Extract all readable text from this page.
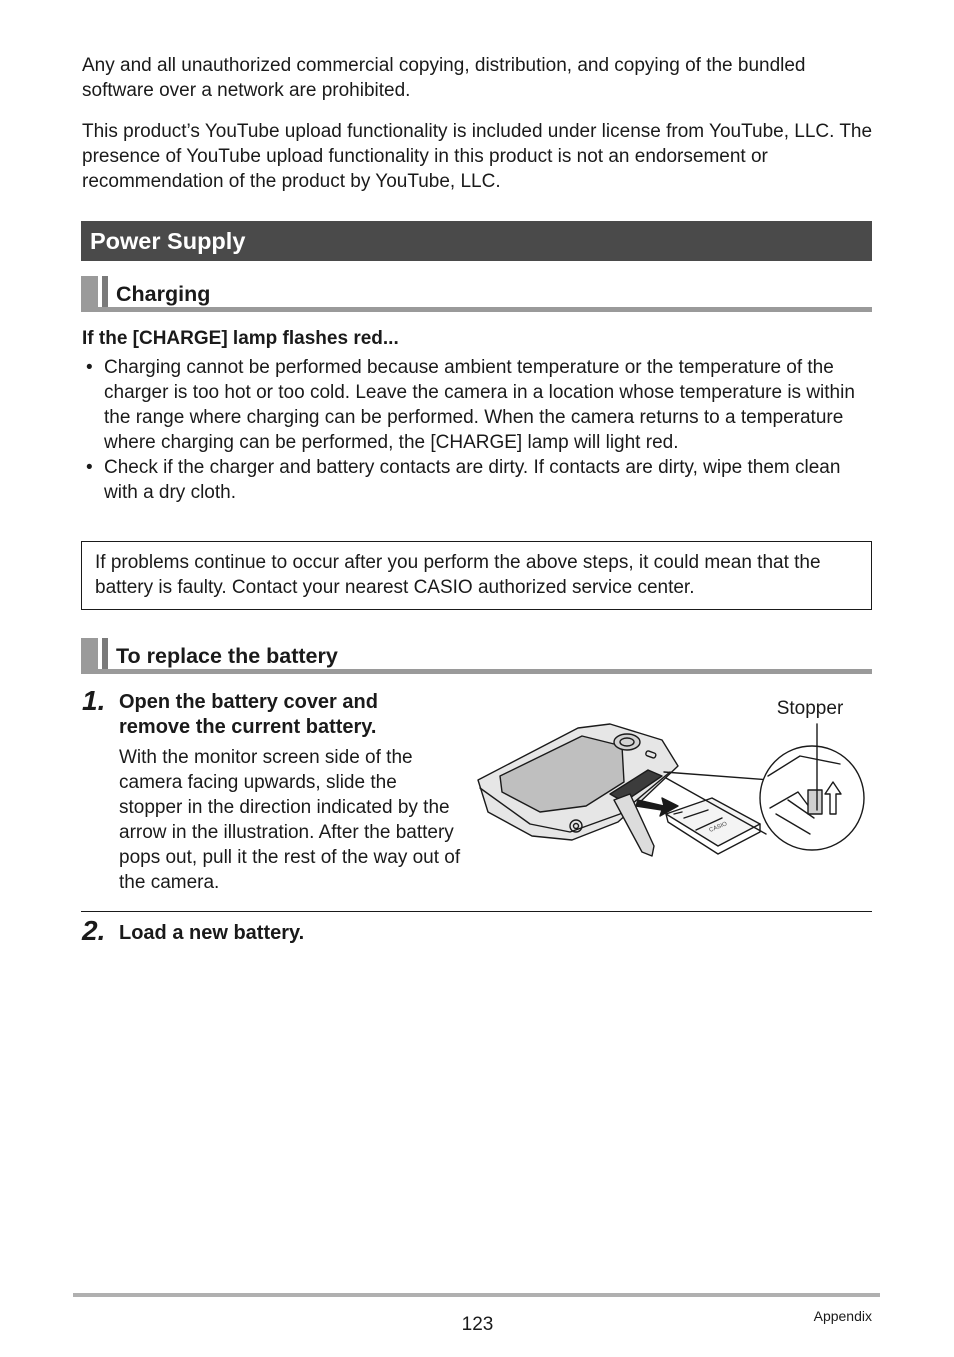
Any and all unauthorized commercial copying, distribution, and copying of the bundled software over a network are prohibited.

This product’s YouTube upload functionality is included under license from YouTube, LLC. The presence of YouTube upload functionality in this product is not an endorsement or recommendation of the product by YouTube, LLC.

Power Supply
Charging
If the [CHARGE] lamp flashes red...
• Charging cannot be performed because ambient temperature or the temperature of the charger is too hot or too cold. Leave the camera in a location whose temperature is within the range where charging can be performed. When the camera returns to a temperature where charging can be performed, the [CHARGE] lamp will light red.
• Check if the charger and battery contacts are dirty. If contacts are dirty, wipe them clean with a dry cloth.
If problems continue to occur after you perform the above steps, it could mean that the battery is faulty. Contact your nearest CASIO authorized service center.
To replace the battery
1. Open the battery cover and remove the current battery.
With the monitor screen side of the camera facing upwards, slide the stopper in the direction indicated by the arrow in the illustration. After the battery pops out, pull it the rest of the way out of the camera.
Stopper
CASIO
2. Load a new battery.
123	Appendix
